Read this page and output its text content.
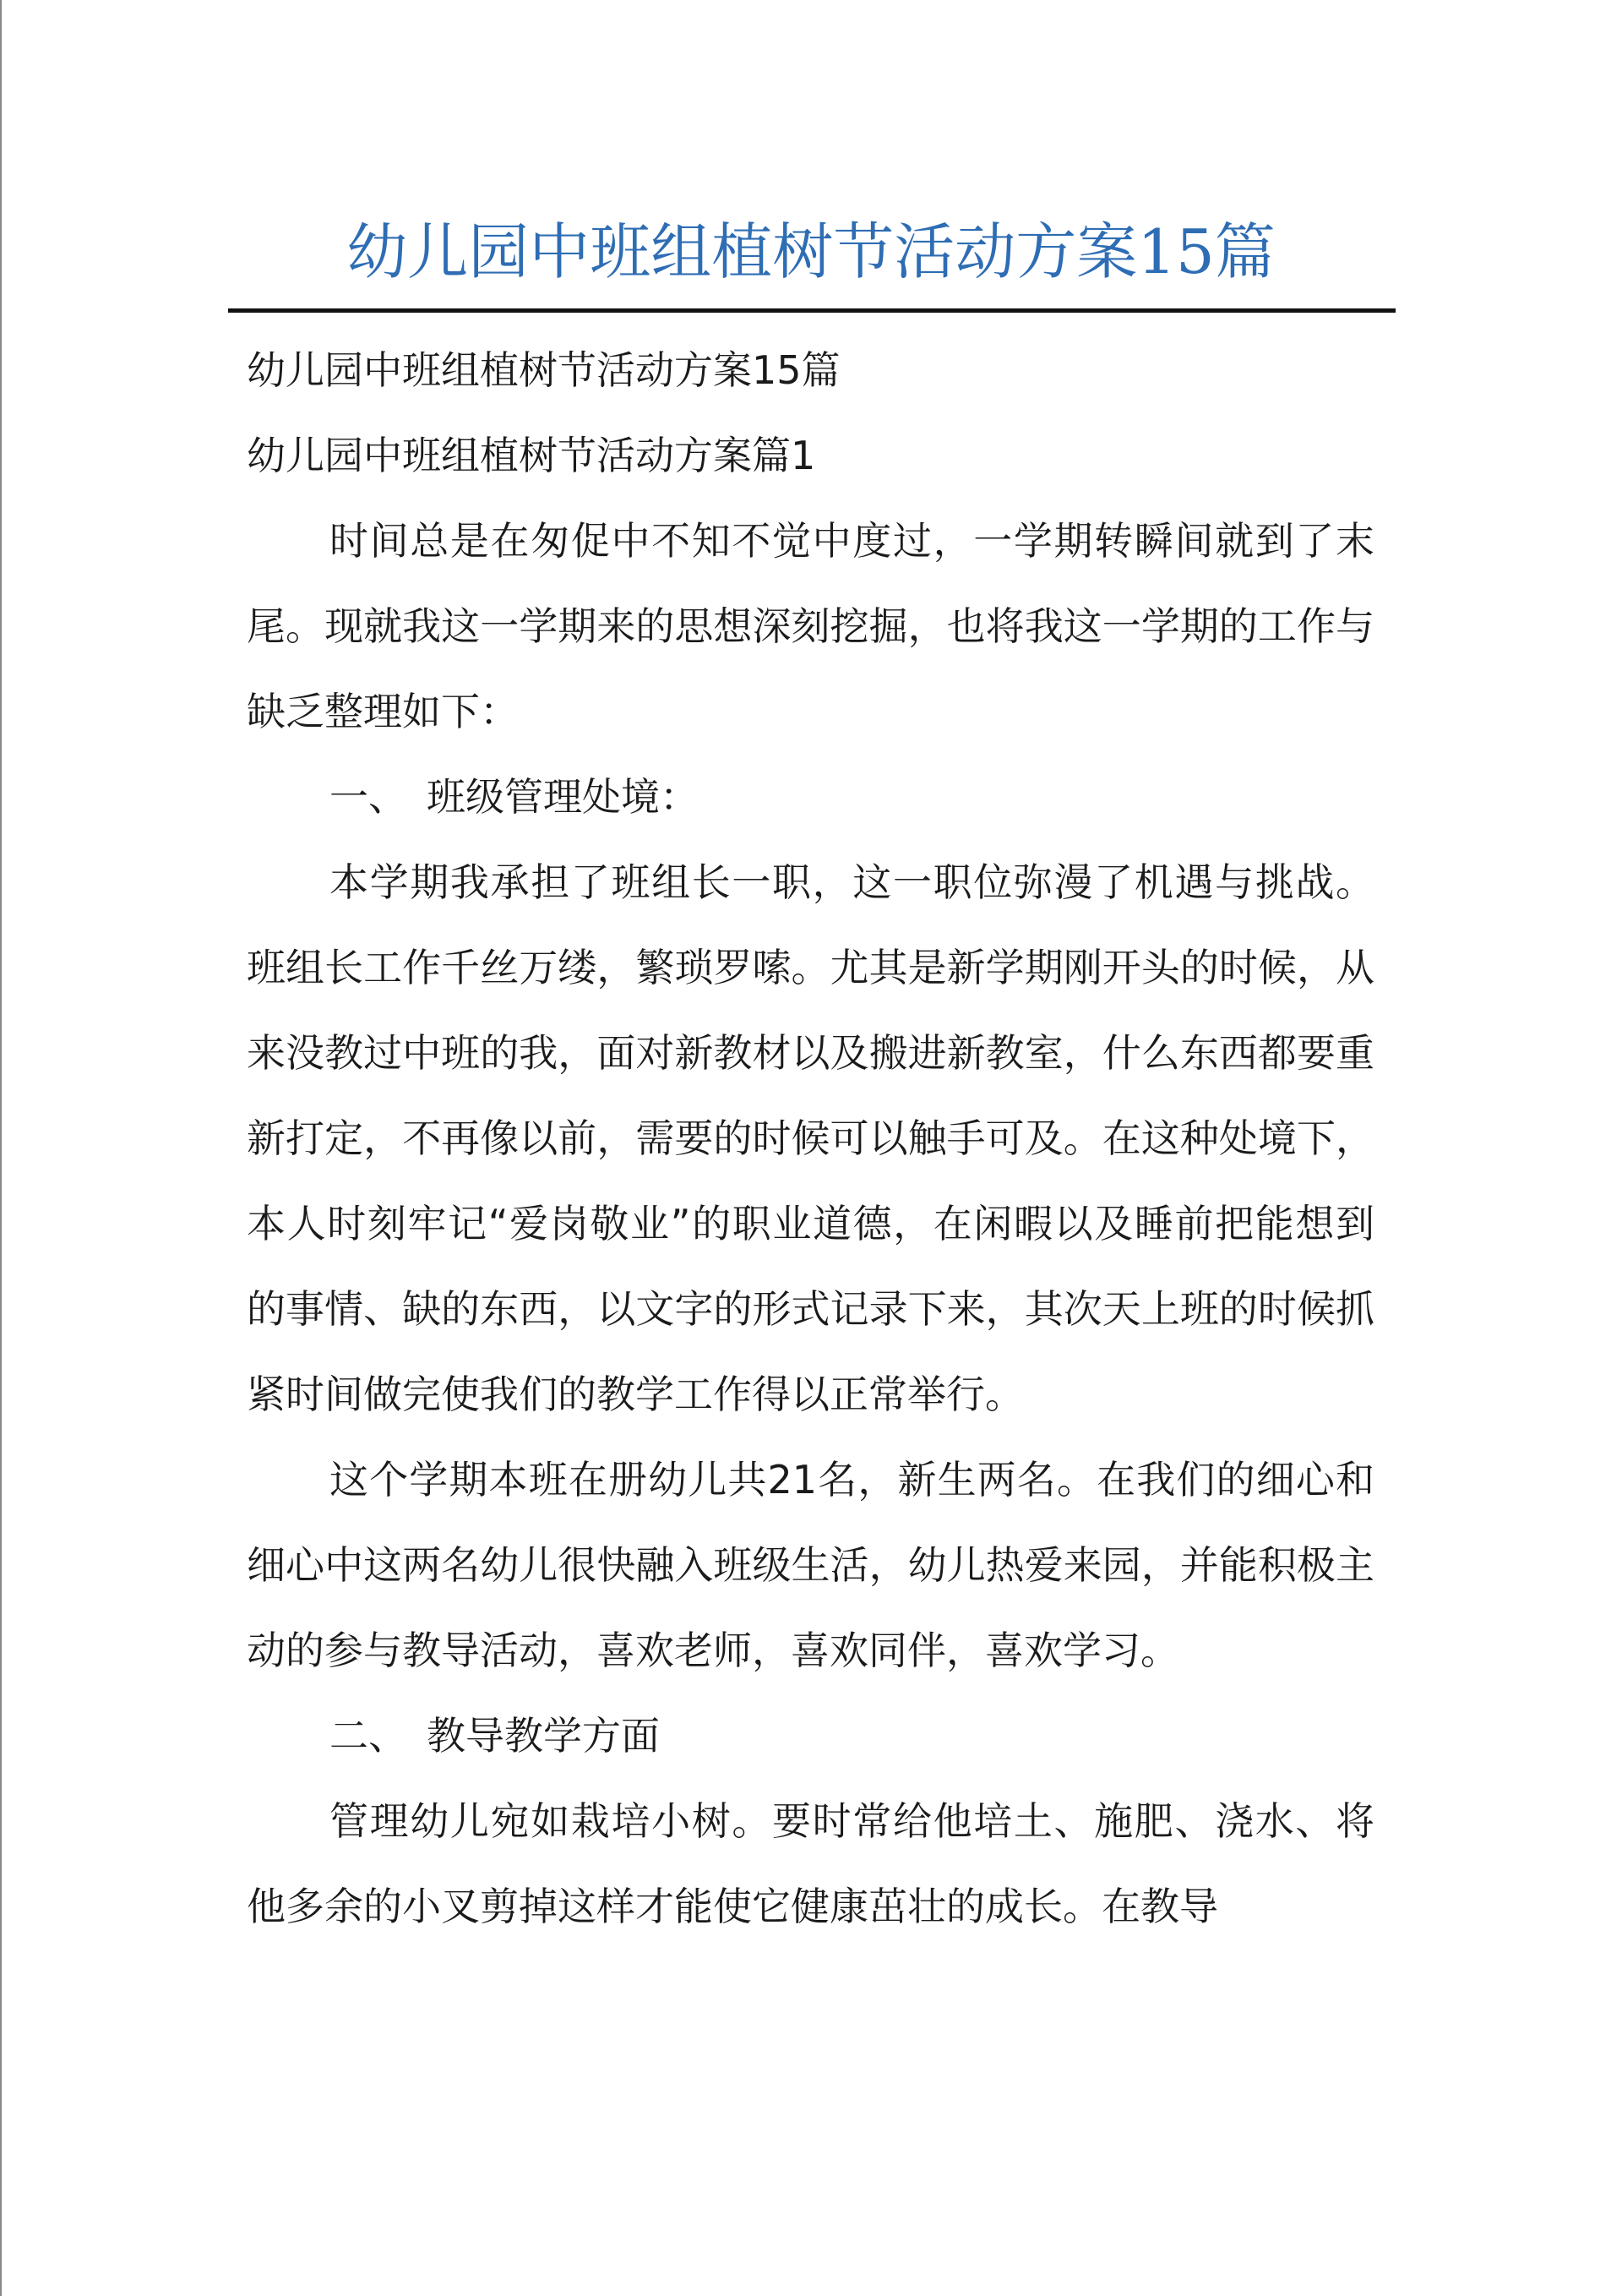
幼儿园中班组植树节活动方案15篇

幼儿园中班组植树节活动方案15篇

幼儿园中班组植树节活动方案篇1

时间总是在匆促中不知不觉中度过，一学期转瞬间就到了末尾。现就我这一学期来的思想深刻挖掘，也将我这一学期的工作与缺乏整理如下：

一、　班级管理处境：

本学期我承担了班组长一职，这一职位弥漫了机遇与挑战。班组长工作千丝万缕，繁琐罗嗦。尤其是新学期刚开头的时候，从来没教过中班的我，面对新教材以及搬进新教室，什么东西都要重新打定，不再像以前，需要的时候可以触手可及。在这种处境下，本人时刻牢记“爱岗敬业”的职业道德，在闲暇以及睡前把能想到的事情、缺的东西，以文字的形式记录下来，其次天上班的时候抓紧时间做完使我们的教学工作得以正常举行。

这个学期本班在册幼儿共21名，新生两名。在我们的细心和细心中这两名幼儿很快融入班级生活，幼儿热爱来园，并能积极主动的参与教导活动，喜欢老师，喜欢同伴，喜欢学习。

二、　教导教学方面

管理幼儿宛如栽培小树。要时常给他培土、施肥、浇水、将他多余的小叉剪掉这样才能使它健康茁壮的成长。在教导
